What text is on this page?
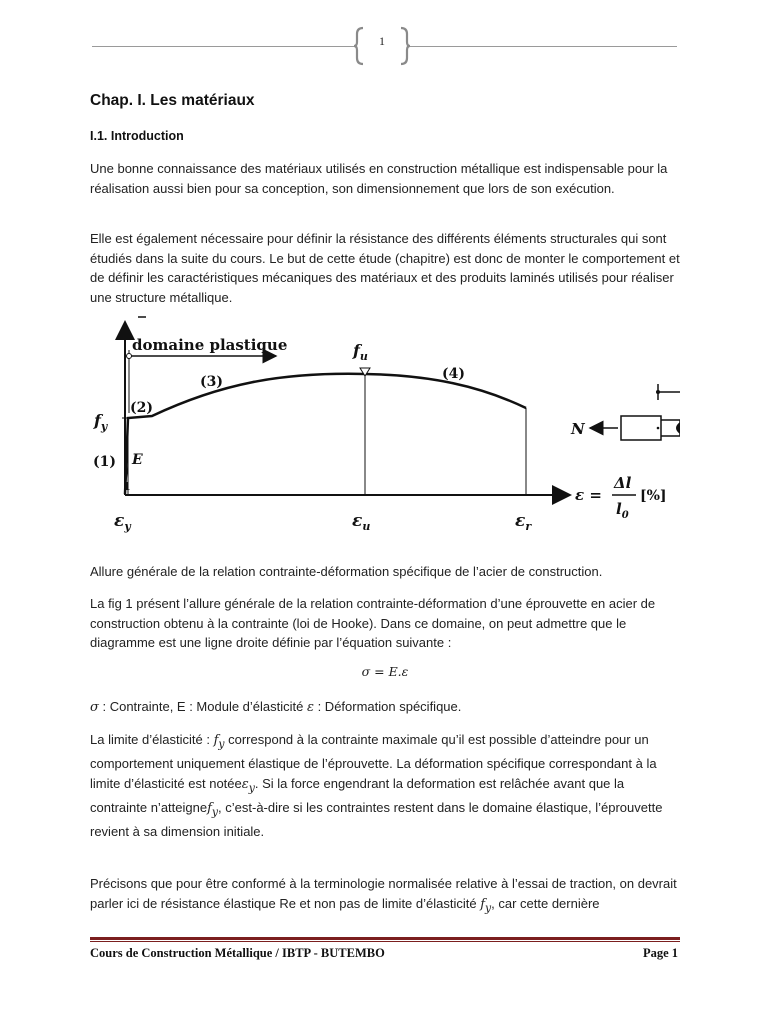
1
Chap. I. Les matériaux
I.1. Introduction

Une bonne connaissance des matériaux utilisés en construction métallique est indispensable pour la réalisation aussi bien pour sa conception, son dimensionnement que lors de son exécution.

Elle est également nécessaire pour définir la résistance des différents éléments structurales qui sont étudiés dans la suite du cours. Le but de cette étude (chapitre) est donc de monter le comportement et de définir les caractéristiques mécaniques des matériaux et des produits laminés utilisés pour réaliser une structure métallique.

Allure générale de la relation contrainte-déformation spécifique de l’acier de construction.

La fig 1 présent l’allure générale de la relation contrainte-déformation d’une éprouvette en acier de construction obtenu à la contrainte (loi de Hooke). Dans ce domaine, on peut admettre que le diagramme est une ligne droite définie par l’équation suivante :

σ = E.ε

σ : Contrainte, E : Module d’élasticité ε : Déformation spécifique.

La limite d’élasticité : $f_y$ correspond à la contrainte maximale qu’il est possible d’atteindre pour un comportement uniquement élastique de l’éprouvette. La déformation spécifique correspondant à la limite d’élasticité est notéeε$_y$. Si la force engendrant la deformation est relâchée avant que la contrainte n’atteignef$_y$, c’est-à-dire si les contraintes restent dans le domaine élastique, l’éprouvette revient à sa dimension initiale.

Précisons que pour être conformé à la terminologie normalisée relative à l’essai de traction, on devrait parler ici de résistance élastique Re et non pas de limite d’élasticité $f_y$, car cette dernière

domaine plastique	$f_u$
$f_y$
(2)
(3)	(4)
(1) E
1
$\varepsilon_y$	$\varepsilon_u$	$\varepsilon_r$
ε =
Δl
$l_0$
[%]
N
Cours de Construction Métallique / IBTP - BUTEMBO	Page 1
